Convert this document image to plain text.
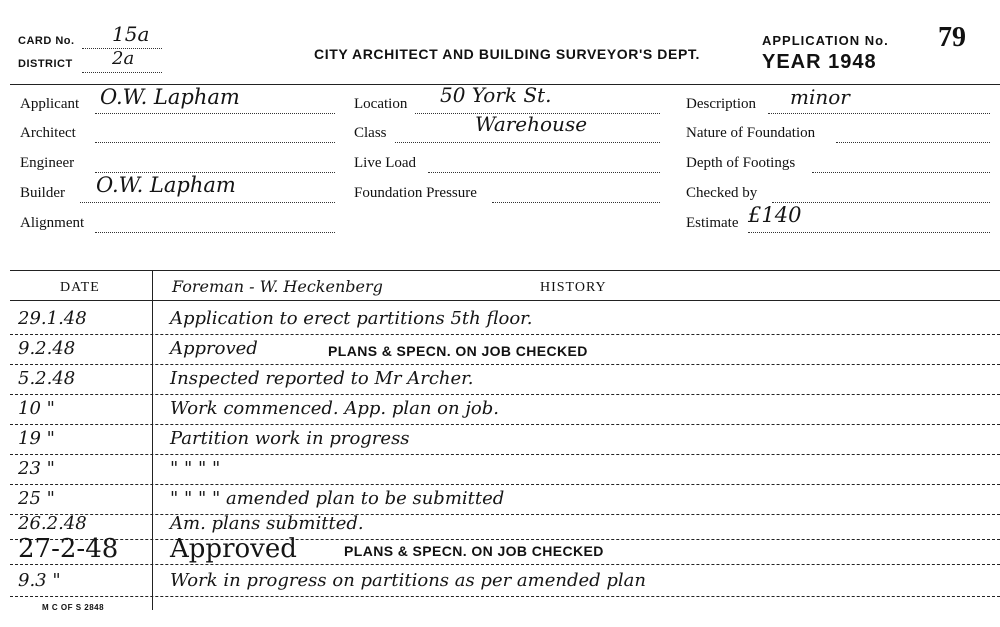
CARD No. 15a
DISTRICT 2a	CITY ARCHITECT AND BUILDING SURVEYOR'S DEPT.
APPLICATION No. 79
YEAR 1948
Applicant O.W. Lapham
Architect
Engineer
Builder O.W. Lapham
Alignment
Location 50 York St.
Class	Warehouse
Live Load
Foundation Pressure
Description minor
Nature of Foundation
Depth of Footings
Checked by
Estimate £140
DATE	Foreman - W. Heckenberg	HISTORY
29.1.48	Application to erect partitions 5th floor.
9.2.48	Approved	PLANS & SPECN. ON JOB CHECKED
5.2.48	Inspected reported to Mr Archer.
10 "	Work commenced. App. plan on job.
19 "	Partition work in progress
23 "	" " " "
25 "	" " " " amended plan to be submitted
26.2.48	Am. plans submitted.
27-2-48 Approved	PLANS & SPECN. ON JOB CHECKED
9.3 "	Work in progress on partitions as per amended plan
M C OF S 2848
